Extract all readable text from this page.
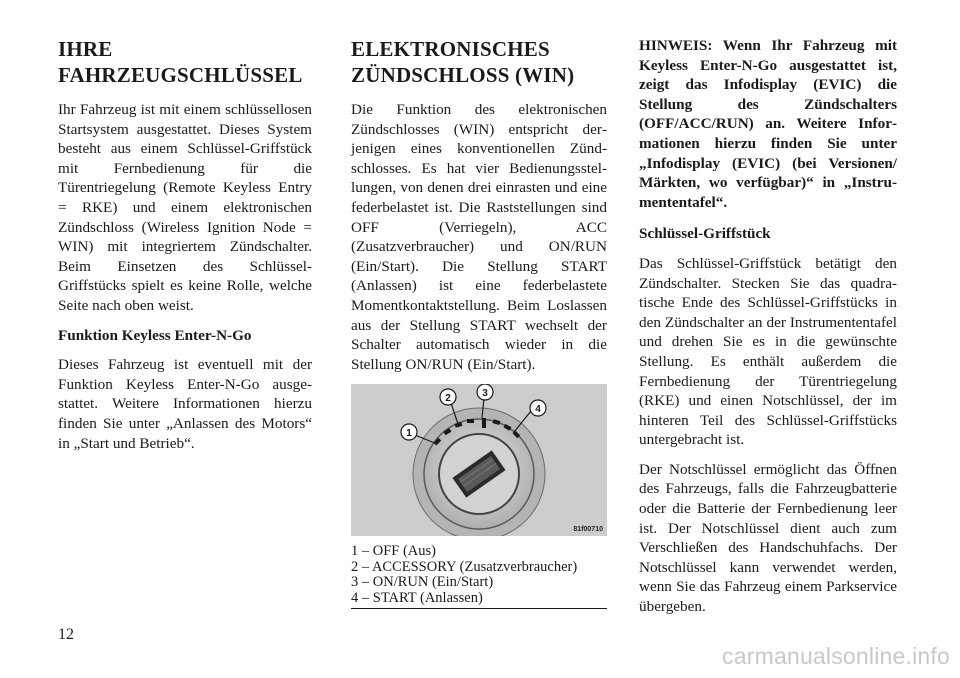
IHRE
FAHRZEUGSCHLÜSSEL

Ihr Fahrzeug ist mit einem schlüssellosen Startsystem ausgestattet. Dieses System besteht aus einem Schlüssel-Griffstück mit Fernbedienung für die Türentriegelung (Remote Keyless Entry = RKE) und einem elektronischen Zündschloss (Wireless Ignition Node = WIN) mit integriertem Zündschalter. Beim Einsetzen des Schlüssel-Griffstücks spielt es keine Rolle, welche Seite nach oben weist.

Funktion Keyless Enter-N-Go

Dieses Fahrzeug ist eventuell mit der Funktion Keyless Enter-N-Go ausgestattet. Weitere Informationen hierzu finden Sie unter „Anlassen des Motors“ in „Start und Betrieb“.

ELEKTRONISCHES
ZÜNDSCHLOSS (WIN)

Die Funktion des elektronischen Zündschlosses (WIN) entspricht derjenigen eines konventionellen Zündschlosses. Es hat vier Bedienungsstellungen, von denen drei einrasten und eine federbelastet ist. Die Raststellungen sind OFF (Verriegeln), ACC (Zusatzverbraucher) und ON/RUN (Ein/Start). Die Stellung START (Anlassen) ist eine federbelastete Momentkontaktstellung. Beim Loslassen aus der Stellung START wechselt der Schalter automatisch wieder in die Stellung ON/RUN (Ein/Start).

1
2	3
4
81f00710
1 – OFF (Aus)
2 – ACCESSORY (Zusatzverbraucher)
3 – ON/RUN (Ein/Start)
4 – START (Anlassen)

HINWEIS: Wenn Ihr Fahrzeug mit Keyless Enter-N-Go ausgestattet ist, zeigt das Infodisplay (EVIC) die Stellung des Zündschalters (OFF/ACC/RUN) an. Weitere Informationen hierzu finden Sie unter „Infodisplay (EVIC) (bei Versionen/ Märkten, wo verfügbar)“ in „Instrumententafel“.

Schlüssel-Griffstück

Das Schlüssel-Griffstück betätigt den Zündschalter. Stecken Sie das quadratische Ende des Schlüssel-Griffstücks in den Zündschalter an der Instrumententafel und drehen Sie es in die gewünschte Stellung. Es enthält außerdem die Fernbedienung der Türentriegelung (RKE) und einen Notschlüssel, der im hinteren Teil des Schlüssel-Griffstücks untergebracht ist.

Der Notschlüssel ermöglicht das Öffnen des Fahrzeugs, falls die Fahrzeugbatterie oder die Batterie der Fernbedienung leer ist. Der Notschlüssel dient auch zum Verschließen des Handschuhfachs. Der Notschlüssel kann verwendet werden, wenn Sie das Fahrzeug einem Parkservice übergeben.

12
carmanualsonline.info
